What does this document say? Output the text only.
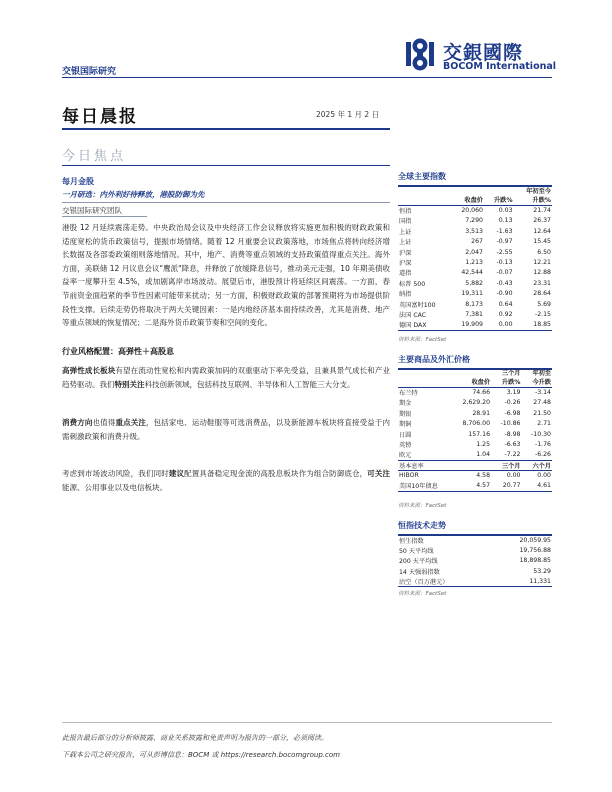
交銀國際
BOCOM International
交银国际研究
每日晨报	2025 年 1 月 2 日
今日焦点
每月金股
一月研选：内外利好待释放，港股防御为先
交银国际研究团队
港股 12 月延续震荡走势。中央政治局会议及中央经济工作会议释放将实施更加积极的财政政策和适度宽松的货币政策信号，提振市场情绪。随着 12 月重要会议政策落地，市场焦点将转向经济增长数据及各部委政策细则落地情况。其中，地产、消费等重点领域的支持政策值得重点关注。海外方面，美联储 12 月议息会议"鹰派"降息，并释放了放缓降息信号，推动美元走强，10 年期美债收益率一度攀升至 4.5%，或加剧离岸市场波动。展望后市，港股预计将延续区间震荡。一方面，春节前资金面趋紧的季节性因素可能带来扰动；另一方面，积极财政政策的部署预期将为市场提供阶段性支撑。后续走势仍将取决于两大关键因素：一是内地经济基本面持续改善，尤其是消费、地产等重点领域的恢复情况；二是海外货币政策节奏和空间的变化。
行业风格配置：高弹性＋高股息
高弹性成长板块有望在流动性宽松和内需政策加码的双重驱动下率先受益，且兼具景气成长和产业趋势驱动。我们特别关注科技创新领域，包括科技互联网、半导体和人工智能三大分支。
消费方向也值得重点关注，包括家电、运动鞋服等可选消费品，以及新能源车板块将直接受益于内需刺激政策和消费升级。
考虑到市场波动风险，我们同时建议配置具备稳定现金流的高股息板块作为组合防御底仓，可关注能源、公用事业以及电信板块。
全球主要指数
			年初至今
	收盘价	升跌%	升跌%
恒指	20,060	0.03	21.74
国指	7,290	0.13	26.37
上证	3,513	-1.63	12.64
上证	267	-0.97	15.45
沪深	2,047	-2.55	6.50
沪深	1,213	-0.13	12.21
道指	42,544	-0.07	12.88
标普 500	5,882	-0.43	23.31
纳指	19,311	-0.90	28.64
英国富时100	8,173	0.64	5.69
法国 CAC	7,381	0.92	-2.15
德国 DAX	19,909	0.00	18.85
资料来源：FactSet
主要商品及外汇价格
		三个月	年初至
	收盘价	升跌%	今升跌
布兰特	74.66	3.19	-3.14
期金	2,629.20	-0.26	27.48
期银	28.91	-6.98	21.50
期铜	8,706.00	-10.86	2.71
日圆	157.16	-8.98	-10.30
英镑	1.25	-6.63	-1.76
欧元	1.04	-7.22	-6.26
基本息率		三个月	六个月
HIBOR	4.58	0.00	0.00
美国10年债息	4.57	20.77	4.61
资料来源：FactSet
恒指技术走势
恒生指数	20,059.95
50 天平均线	19,756.88
200 天平均线	18,898.85
14 天强弱指数	53.29
沽空（百万港元）	11,331
资料来源：FactSet
此报告最后部分的分析师披露、商业关系披露和免责声明为报告的一部分，必须阅读。
下载本公司之研究报告，可从彭博信息：BOCM 或 https://research.bocomgroup.com
